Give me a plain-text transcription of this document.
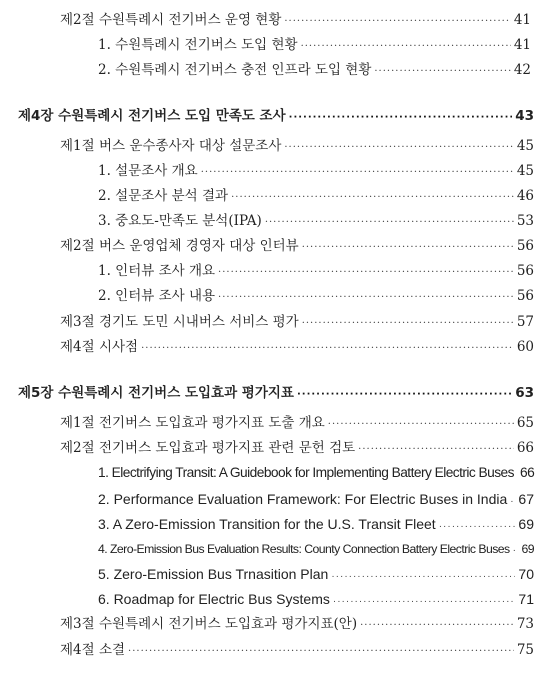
제2절 수원특례시 전기버스 운영 현황 ·····	41
1. 수원특례시 전기버스 도입 현황 ·····	41
2. 수원특례시 전기버스 충전 인프라 도입 현황 ·····	42
제4장 수원특례시 전기버스 도입 만족도 조사 ·····	43
제1절 버스 운수종사자 대상 설문조사 ·····	45
1. 설문조사 개요 ·····	45
2. 설문조사 분석 결과 ·····	46
3. 중요도-만족도 분석(IPA) ·····	53
제2절 버스 운영업체 경영자 대상 인터뷰 ·····	56
1. 인터뷰 조사 개요 ·····	56
2. 인터뷰 조사 내용 ·····	56
제3절 경기도 도민 시내버스 서비스 평가 ·····	57
제4절 시사점 ·····	60
제5장 수원특례시 전기버스 도입효과 평가지표 ·····	63
제1절 전기버스 도입효과 평가지표 도출 개요 ·····	65
제2절 전기버스 도입효과 평가지표 관련 문헌 검토 ·····	66
1. Electrifying Transit: A Guidebook for Implementing Battery Electric Buses 66
2. Performance Evaluation Framework: For Electric Buses in India ····· 67
3. A Zero-Emission Transition for the U.S. Transit Fleet ·····	69
4. Zero-Emission Bus Evaluation Results: County Connection Battery Electric Buses ····· 69
5. Zero-Emission Bus Trnasition Plan ·····	70
6. Roadmap for Electric Bus Systems ·····	71
제3절 수원특례시 전기버스 도입효과 평가지표(안) ·····	73
제4절 소결 ·····	75
